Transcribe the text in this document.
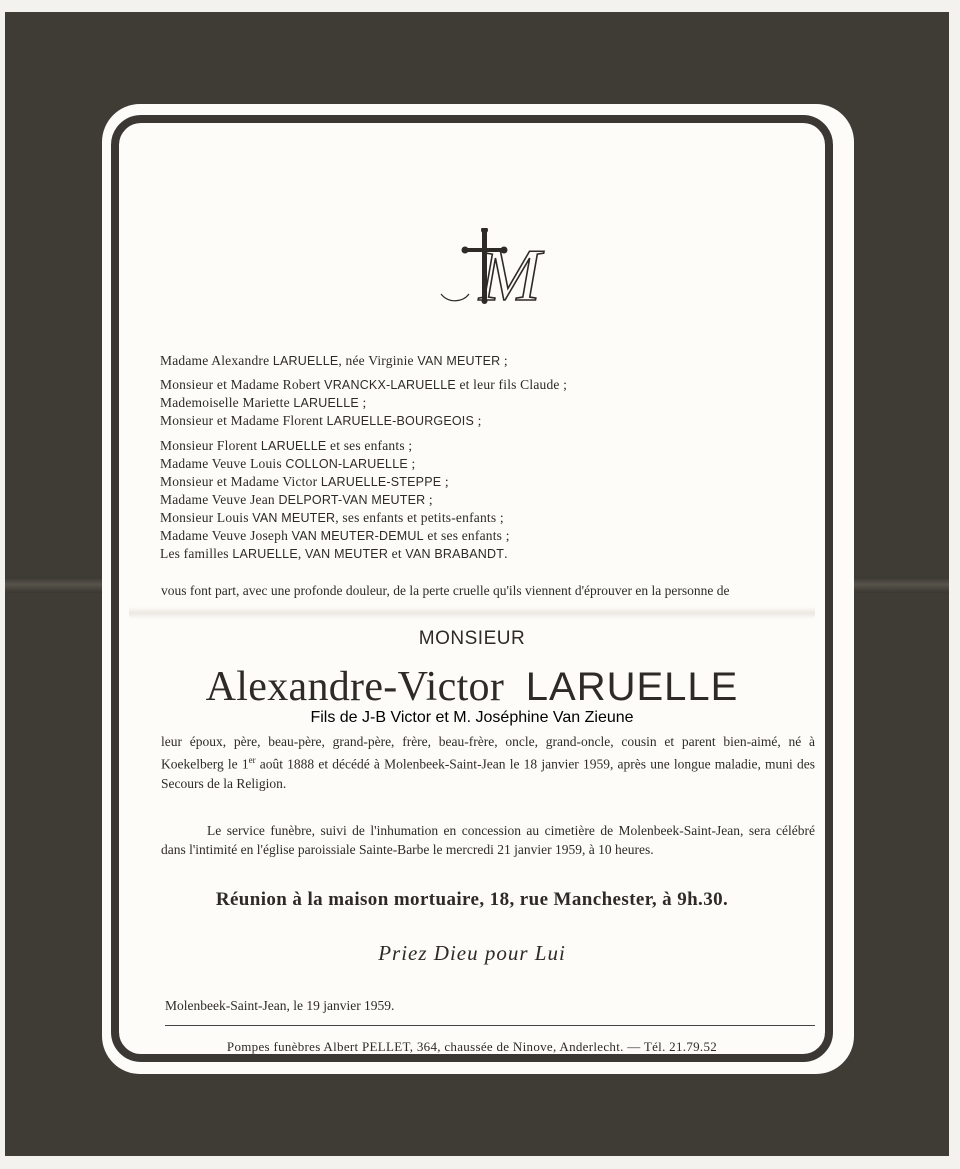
M
Madame Alexandre LARUELLE, née Virginie VAN MEUTER ;
Monsieur et Madame Robert VRANCKX-LARUELLE et leur fils Claude ;
Mademoiselle Mariette LARUELLE ;
Monsieur et Madame Florent LARUELLE-BOURGEOIS ;
Monsieur Florent LARUELLE et ses enfants ;
Madame Veuve Louis COLLON-LARUELLE ;
Monsieur et Madame Victor LARUELLE-STEPPE ;
Madame Veuve Jean DELPORT-VAN MEUTER ;
Monsieur Louis VAN MEUTER, ses enfants et petits-enfants ;
Madame Veuve Joseph VAN MEUTER-DEMUL et ses enfants ;
Les familles LARUELLE, VAN MEUTER et VAN BRABANDT.
vous font part, avec une profonde douleur, de la perte cruelle qu'ils viennent d'éprouver en la personne de
MONSIEUR
Alexandre-Victor LARUELLE
Fils de J-B Victor et M. Joséphine Van Zieune
leur époux, père, beau-père, grand-père, frère, beau-frère, oncle, grand-oncle, cousin et parent bien-aimé, né à Koekelberg le 1er août 1888 et décédé à Molenbeek-Saint-Jean le 18 janvier 1959, après une longue maladie, muni des Secours de la Religion.
Le service funèbre, suivi de l'inhumation en concession au cimetière de Molenbeek-Saint-Jean, sera célébré dans l'intimité en l'église paroissiale Sainte-Barbe le mercredi 21 janvier 1959, à 10 heures.
Réunion à la maison mortuaire, 18, rue Manchester, à 9h.30.
Priez Dieu pour Lui
Molenbeek-Saint-Jean, le 19 janvier 1959.
Pompes funèbres Albert PELLET, 364, chaussée de Ninove, Anderlecht. — Tél. 21.79.52
